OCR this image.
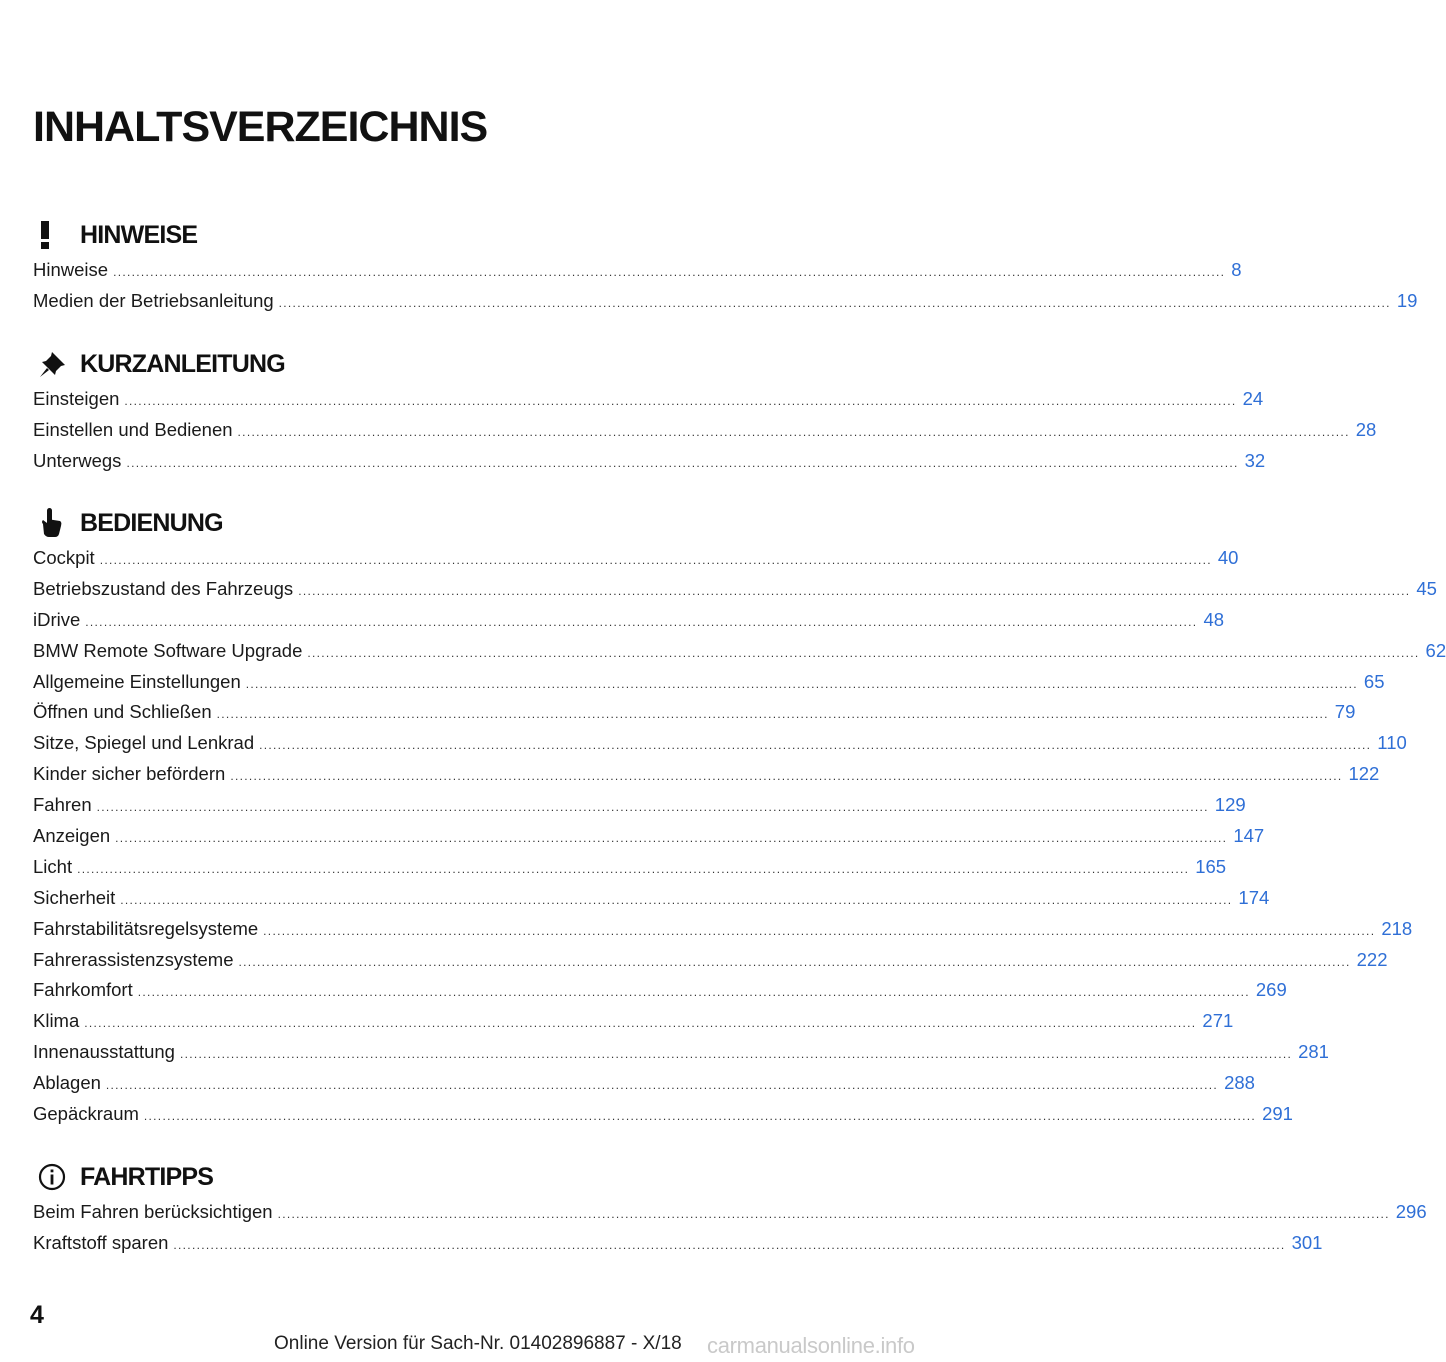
INHALTSVERZEICHNIS
HINWEISE
Hinweise ................................................................................................................................................................................................................................................ 8
Medien der Betriebsanleitung ................................................................................................................................................................................................................................................ 19
KURZANLEITUNG
Einsteigen ................................................................................................................................................................................................................................................ 24
Einstellen und Bedienen ................................................................................................................................................................................................................................................ 28
Unterwegs ................................................................................................................................................................................................................................................ 32
BEDIENUNG
Cockpit ................................................................................................................................................................................................................................................ 40
Betriebszustand des Fahrzeugs ................................................................................................................................................................................................................................................ 45
iDrive ................................................................................................................................................................................................................................................ 48
BMW Remote Software Upgrade ................................................................................................................................................................................................................................................ 62
Allgemeine Einstellungen ................................................................................................................................................................................................................................................ 65
Öffnen und Schließen ................................................................................................................................................................................................................................................ 79
Sitze, Spiegel und Lenkrad ................................................................................................................................................................................................................................................ 110
Kinder sicher befördern ................................................................................................................................................................................................................................................ 122
Fahren ................................................................................................................................................................................................................................................ 129
Anzeigen ................................................................................................................................................................................................................................................ 147
Licht ................................................................................................................................................................................................................................................ 165
Sicherheit ................................................................................................................................................................................................................................................ 174
Fahrstabilitätsregelsysteme ................................................................................................................................................................................................................................................ 218
Fahrerassistenzsysteme ................................................................................................................................................................................................................................................ 222
Fahrkomfort ................................................................................................................................................................................................................................................ 269
Klima ................................................................................................................................................................................................................................................ 271
Innenausstattung ................................................................................................................................................................................................................................................ 281
Ablagen ................................................................................................................................................................................................................................................ 288
Gepäckraum ................................................................................................................................................................................................................................................ 291
FAHRTIPPS
Beim Fahren berücksichtigen ................................................................................................................................................................................................................................................ 296
Kraftstoff sparen ................................................................................................................................................................................................................................................ 301

4

Online Version für Sach-Nr. 01402896887 - X/18 carmanualsonline.info
